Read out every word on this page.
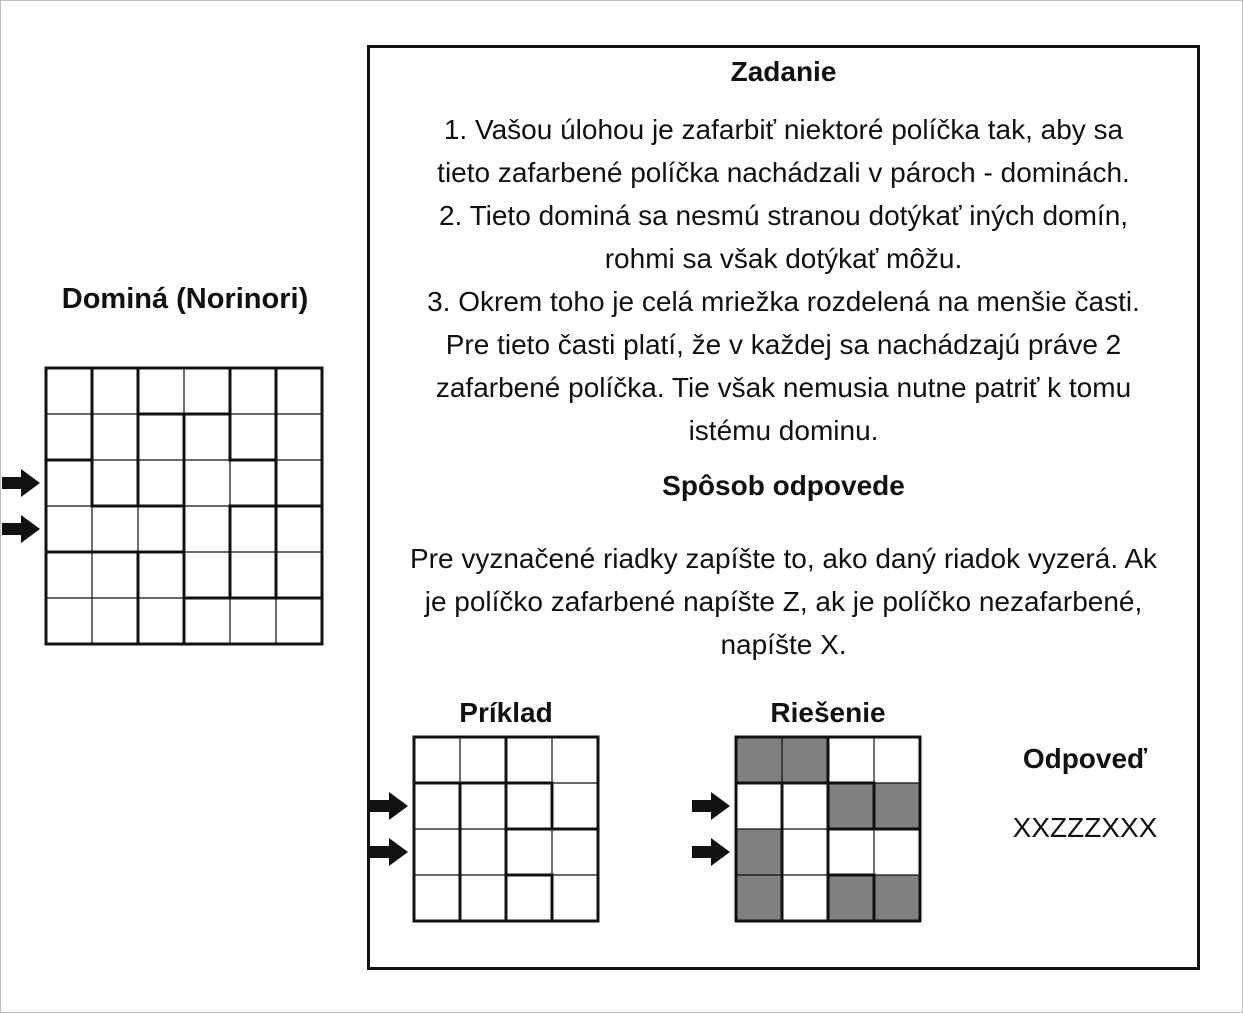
Dominá (Norinori)
Zadanie
1. Vašou úlohou je zafarbiť niektoré políčka tak, aby sa
tieto zafarbené políčka nachádzali v pároch - dominách.
2. Tieto dominá sa nesmú stranou dotýkať iných domín,
rohmi sa však dotýkať môžu.
3. Okrem toho je celá mriežka rozdelená na menšie časti.
Pre tieto časti platí, že v každej sa nachádzajú práve 2
zafarbené políčka. Tie však nemusia nutne patriť k tomu
istému dominu.
Spôsob odpovede
Pre vyznačené riadky zapíšte to, ako daný riadok vyzerá. Ak
je políčko zafarbené napíšte Z, ak je políčko nezafarbené,
napíšte X.
Príklad	Riešenie
Odpoveď
XXZZZXXX
